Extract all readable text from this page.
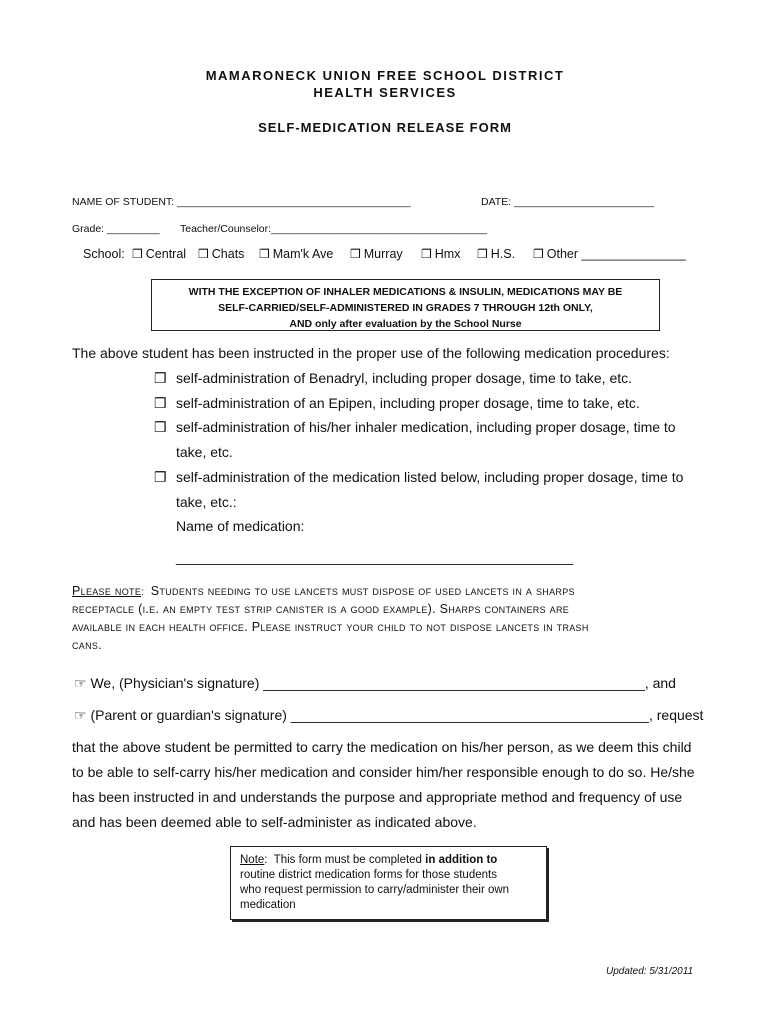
MAMARONECK UNION FREE SCHOOL DISTRICT
HEALTH SERVICES
SELF-MEDICATION RELEASE FORM
NAME OF STUDENT: ________________________________________	DATE: ________________________
Grade: _________ Teacher/Counselor:_____________________________________
School: ❒ Central ❒ Chats ❒ Mam'k Ave ❒ Murray ❒ Hmx ❒ H.S. ❒ Other _______________
WITH THE EXCEPTION OF INHALER MEDICATIONS & INSULIN, MEDICATIONS MAY BE
SELF-CARRIED/SELF-ADMINISTERED IN GRADES 7 THROUGH 12th ONLY,
AND only after evaluation by the School Nurse
The above student has been instructed in the proper use of the following medication procedures:
❒ self-administration of Benadryl, including proper dosage, time to take, etc.
❒ self-administration of an Epipen, including proper dosage, time to take, etc.
❒ self-administration of his/her inhaler medication, including proper dosage, time to
take, etc.
❒ self-administration of the medication listed below, including proper dosage, time to
take, etc.:
Name of medication:
___________________________________________________
Please note:  Students needing to use lancets must dispose of used lancets in a sharps
receptacle (i.e. an empty test strip canister is a good example). Sharps containers are
available in each health office. Please instruct your child to not dispose lancets in trash
cans.
☞ We, (Physician's signature) _________________________________________________, and
☞ (Parent or guardian's signature) ______________________________________________, request
that the above student be permitted to carry the medication on his/her person, as we deem this child
to be able to self-carry his/her medication and consider him/her responsible enough to do so. He/she
has been instructed in and understands the purpose and appropriate method and frequency of use
and has been deemed able to self-administer as indicated above.
Note:  This form must be completed in addition to
routine district medication forms for those students
who request permission to carry/administer their own
medication
Updated: 5/31/2011
